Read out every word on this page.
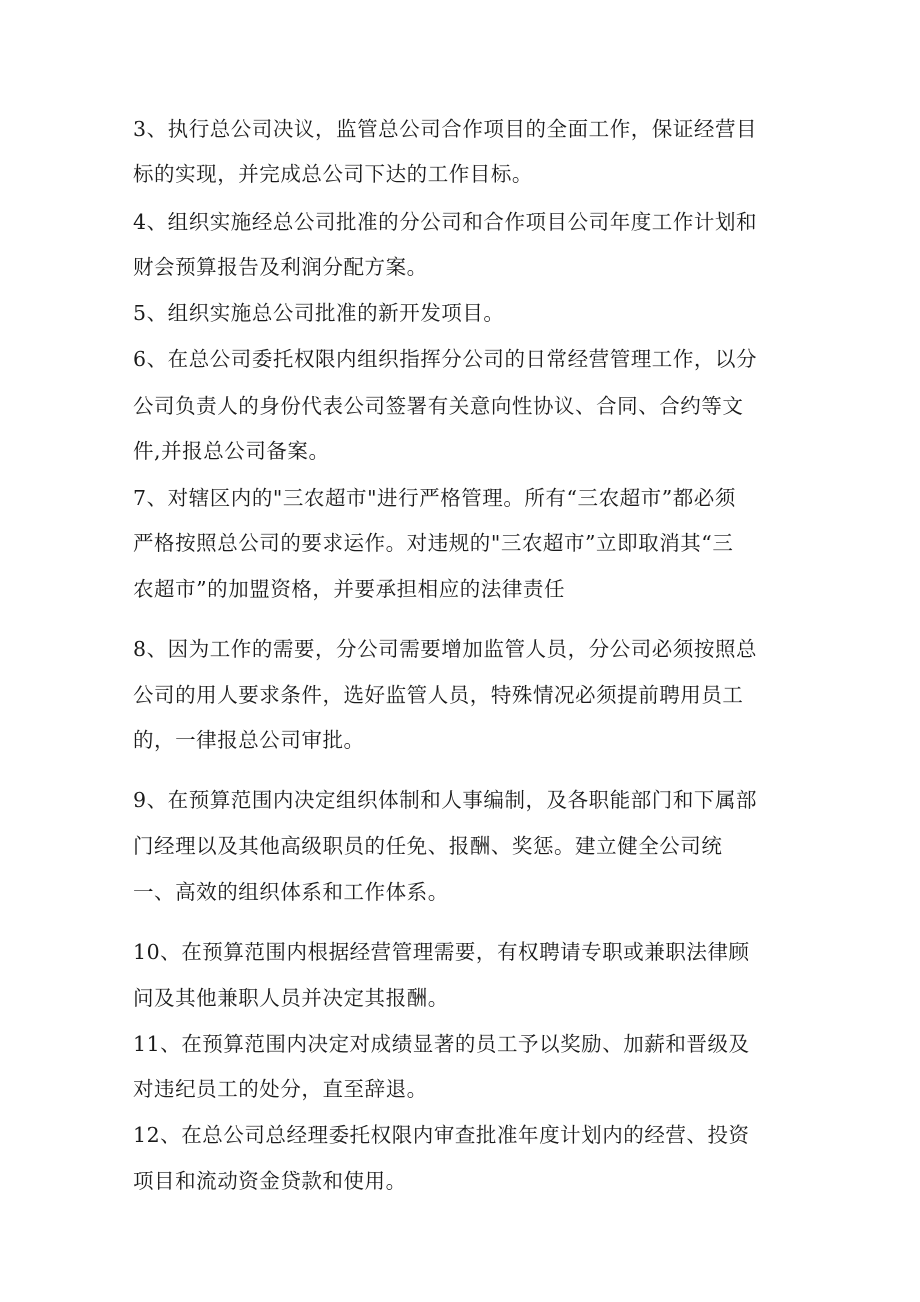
3、执行总公司决议，监管总公司合作项目的全面工作，保证经营目
标的实现，并完成总公司下达的工作目标。
4、组织实施经总公司批准的分公司和合作项目公司年度工作计划和
财会预算报告及利润分配方案。
5、组织实施总公司批准的新开发项目。
6、在总公司委托权限内组织指挥分公司的日常经营管理工作，以分
公司负责人的身份代表公司签署有关意向性协议、合同、合约等文
件,并报总公司备案。
7、对辖区内的"三农超市"进行严格管理。所有“三农超市”都必须
严格按照总公司的要求运作。对违规的"三农超市”立即取消其“三
农超市”的加盟资格，并要承担相应的法律责任
8、因为工作的需要，分公司需要增加监管人员，分公司必须按照总
公司的用人要求条件，选好监管人员，特殊情况必须提前聘用员工
的，一律报总公司审批。
9、在预算范围内决定组织体制和人事编制，及各职能部门和下属部
门经理以及其他高级职员的任免、报酬、奖惩。建立健全公司统
一、高效的组织体系和工作体系。
10、在预算范围内根据经营管理需要，有权聘请专职或兼职法律顾
问及其他兼职人员并决定其报酬。
11、在预算范围内决定对成绩显著的员工予以奖励、加薪和晋级及
对违纪员工的处分，直至辞退。
12、在总公司总经理委托权限内审查批准年度计划内的经营、投资
项目和流动资金贷款和使用。
